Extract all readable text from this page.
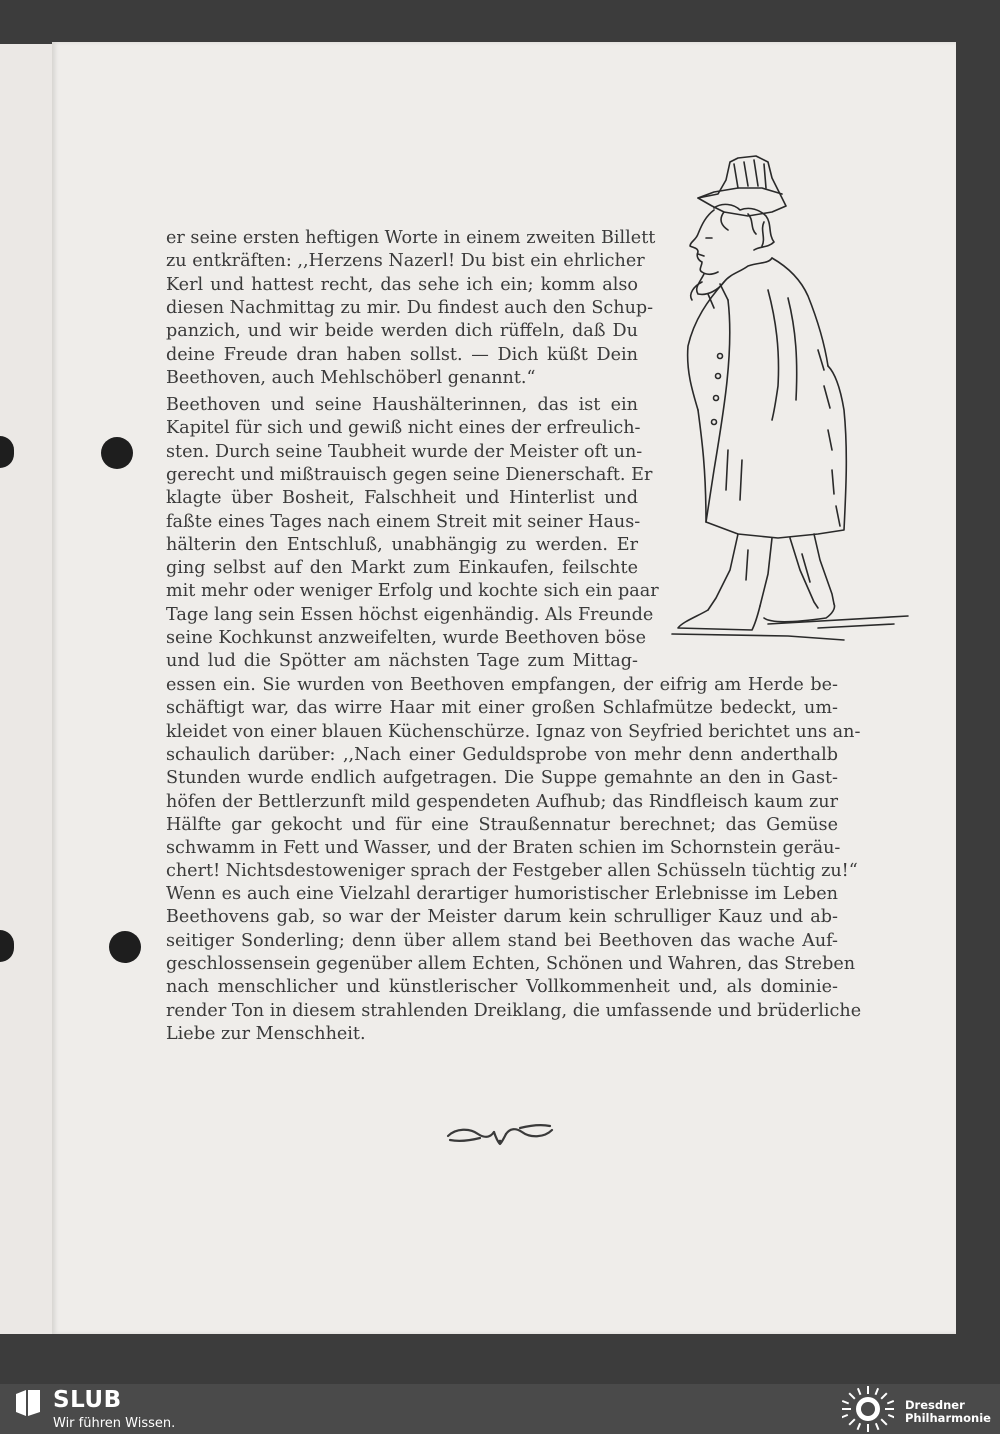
er seine ersten heftigen Worte in einem zweiten Billett
zu entkräften: ,,Herzens Nazerl! Du bist ein ehrlicher
Kerl und hattest recht, das sehe ich ein; komm also
diesen Nachmittag zu mir. Du findest auch den Schup-
panzich, und wir beide werden dich rüffeln, daß Du
deine Freude dran haben sollst. — Dich küßt Dein
Beethoven, auch Mehlschöberl genannt.“
Beethoven und seine Haushälterinnen, das ist ein
Kapitel für sich und gewiß nicht eines der erfreulich-
sten. Durch seine Taubheit wurde der Meister oft un-
gerecht und mißtrauisch gegen seine Dienerschaft. Er
klagte über Bosheit, Falschheit und Hinterlist und
faßte eines Tages nach einem Streit mit seiner Haus-
hälterin den Entschluß, unabhängig zu werden. Er
ging selbst auf den Markt zum Einkaufen, feilschte
mit mehr oder weniger Erfolg und kochte sich ein paar
Tage lang sein Essen höchst eigenhändig. Als Freunde
seine Kochkunst anzweifelten, wurde Beethoven böse
und lud die Spötter am nächsten Tage zum Mittag-
essen ein. Sie wurden von Beethoven empfangen, der eifrig am Herde be-
schäftigt war, das wirre Haar mit einer großen Schlafmütze bedeckt, um-
kleidet von einer blauen Küchenschürze. Ignaz von Seyfried berichtet uns an-
schaulich darüber: ,,Nach einer Geduldsprobe von mehr denn anderthalb
Stunden wurde endlich aufgetragen. Die Suppe gemahnte an den in Gast-
höfen der Bettlerzunft mild gespendeten Aufhub; das Rindfleisch kaum zur
Hälfte gar gekocht und für eine Straußennatur berechnet; das Gemüse
schwamm in Fett und Wasser, und der Braten schien im Schornstein geräu-
chert! Nichtsdestoweniger sprach der Festgeber allen Schüsseln tüchtig zu!“
Wenn es auch eine Vielzahl derartiger humoristischer Erlebnisse im Leben
Beethovens gab, so war der Meister darum kein schrulliger Kauz und ab-
seitiger Sonderling; denn über allem stand bei Beethoven das wache Auf-
geschlossensein gegenüber allem Echten, Schönen und Wahren, das Streben
nach menschlicher und künstlerischer Vollkommenheit und, als dominie-
render Ton in diesem strahlenden Dreiklang, die umfassende und brüderliche
Liebe zur Menschheit.
SLUB
Wir führen Wissen.
Dresdner
Philharmonie
